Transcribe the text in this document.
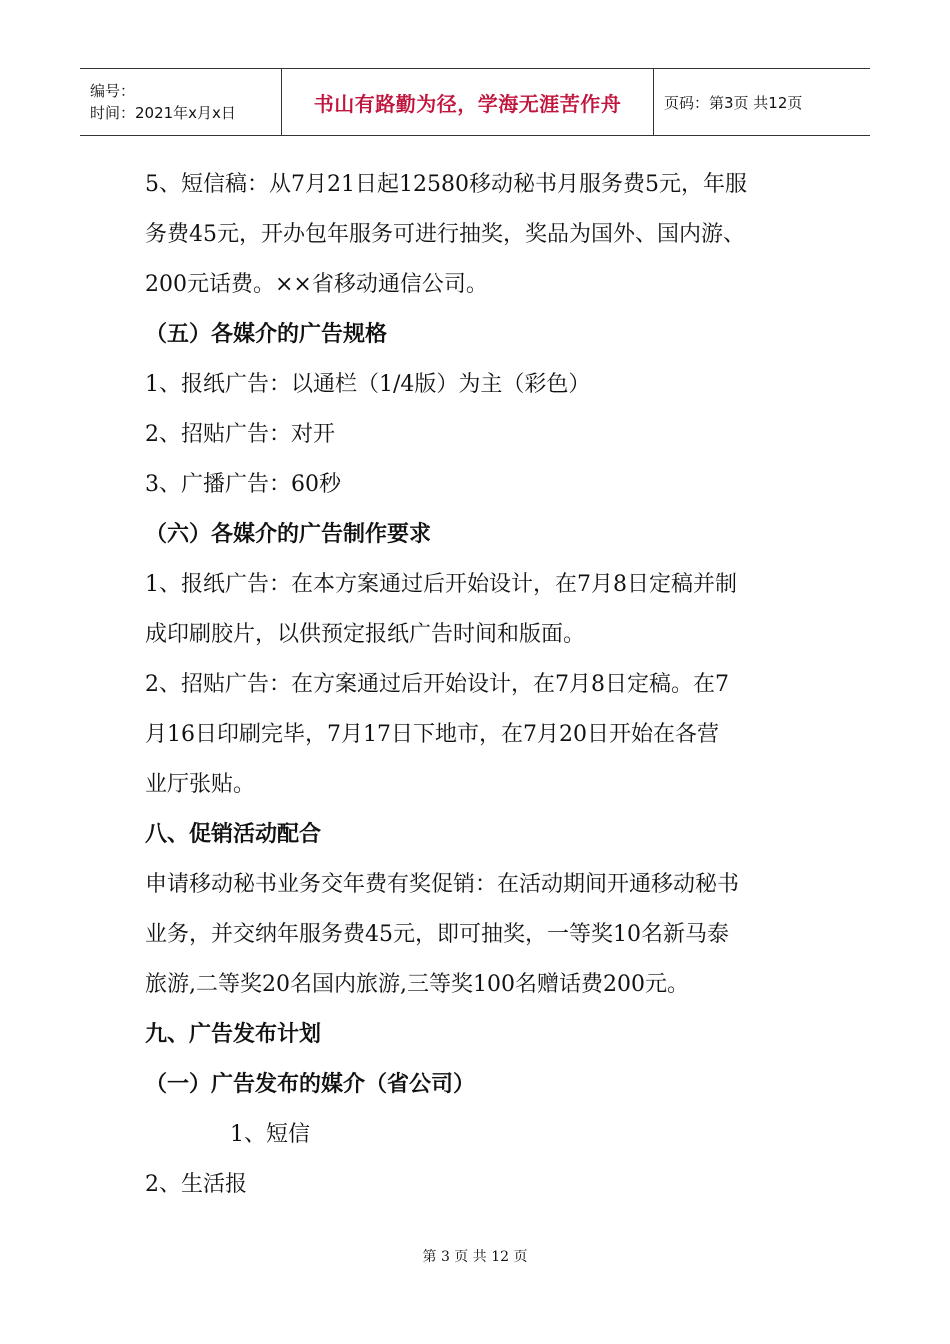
编号：
时间：2021年x月x日	书山有路勤为径，学海无涯苦作舟	页码：第3页 共12页
5、短信稿：从7月21日起12580移动秘书月服务费5元，年服
务费45元，开办包年服务可进行抽奖，奖品为国外、国内游、
200元话费。××省移动通信公司。
（五）各媒介的广告规格
1、报纸广告：以通栏（1/4版）为主（彩色）
2、招贴广告：对开
3、广播广告：60秒
（六）各媒介的广告制作要求
1、报纸广告：在本方案通过后开始设计，在7月8日定稿并制
成印刷胶片，以供预定报纸广告时间和版面。
2、招贴广告：在方案通过后开始设计，在7月8日定稿。在7
月16日印刷完毕，7月17日下地市，在7月20日开始在各营
业厅张贴。
八、促销活动配合
申请移动秘书业务交年费有奖促销：在活动期间开通移动秘书
业务，并交纳年服务费45元，即可抽奖，一等奖10名新马泰
旅游,二等奖20名国内旅游,三等奖100名赠话费200元。
九、广告发布计划
（一）广告发布的媒介（省公司）
1、短信
2、生活报
第 3 页 共 12 页
